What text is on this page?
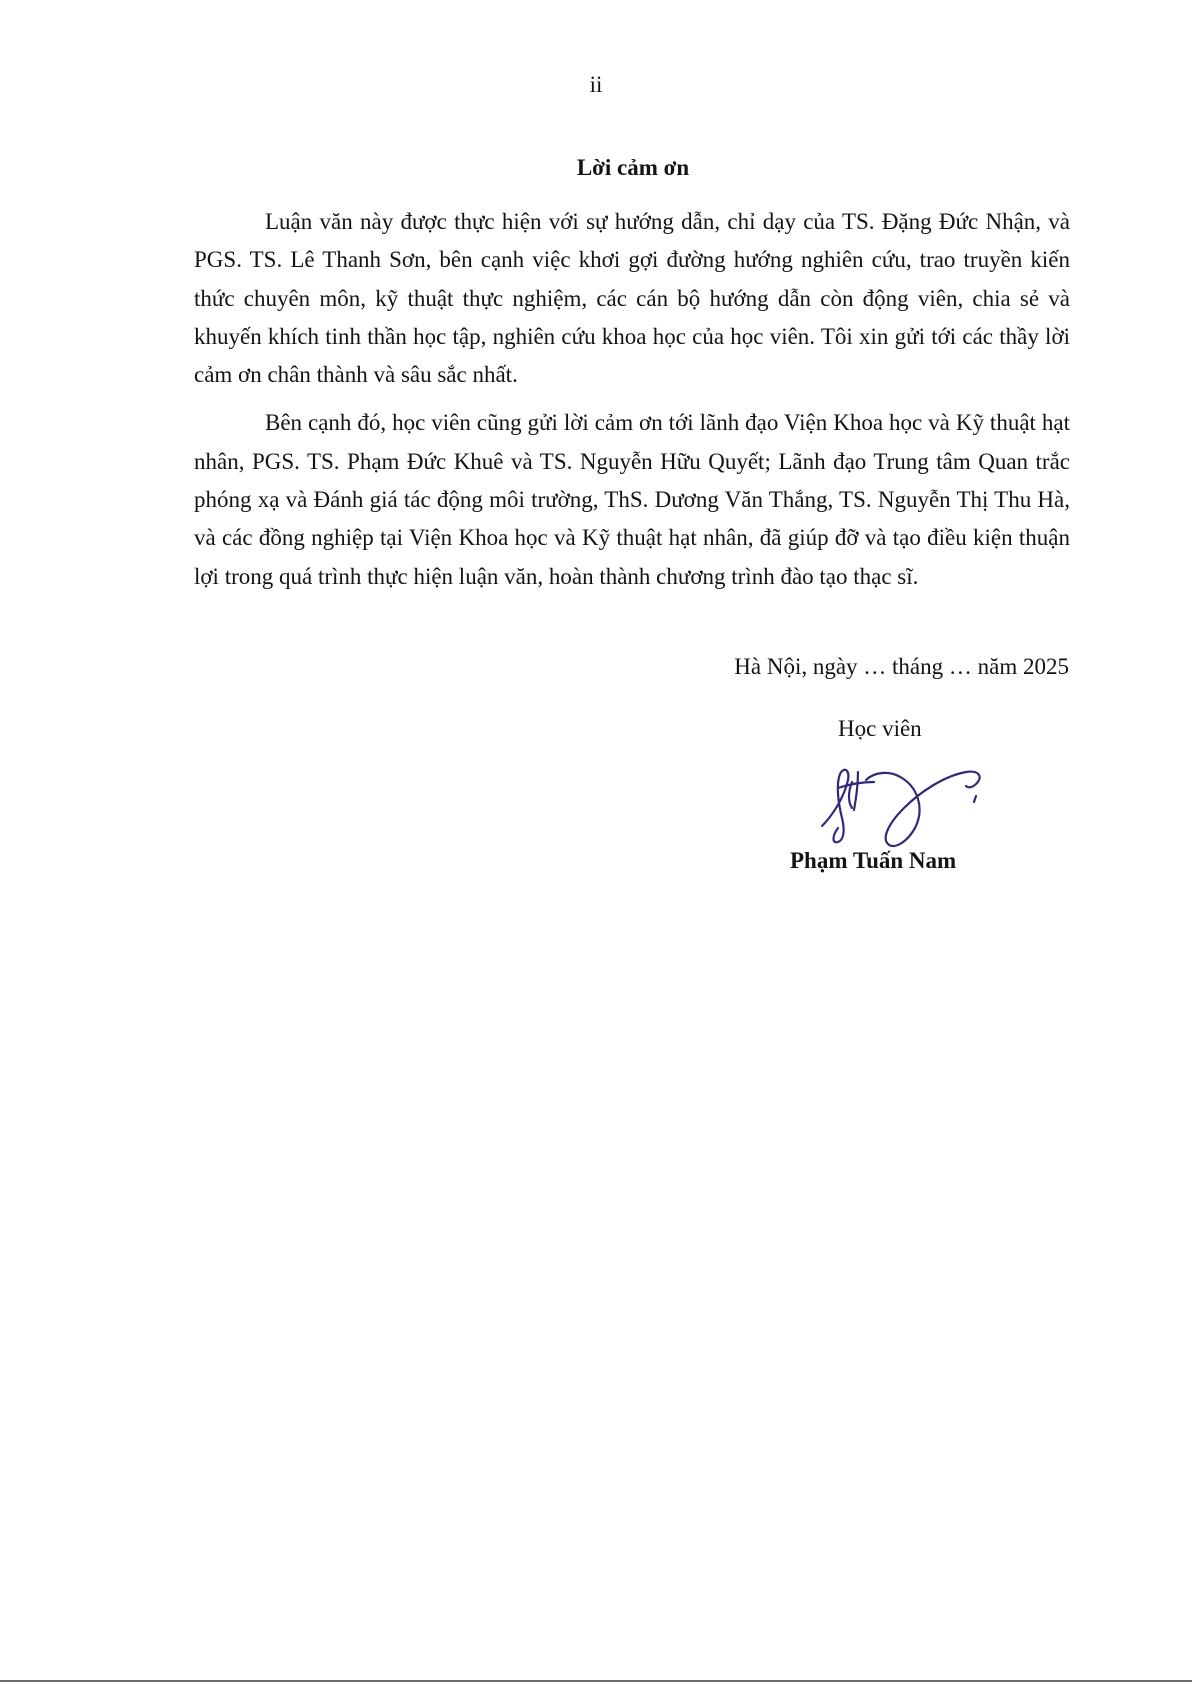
ii
Lời cảm ơn

Luận văn này được thực hiện với sự hướng dẫn, chỉ dạy của TS. Đặng Đức Nhận, và PGS. TS. Lê Thanh Sơn, bên cạnh việc khơi gợi đường hướng nghiên cứu, trao truyền kiến thức chuyên môn, kỹ thuật thực nghiệm, các cán bộ hướng dẫn còn động viên, chia sẻ và khuyến khích tinh thần học tập, nghiên cứu khoa học của học viên. Tôi xin gửi tới các thầy lời cảm ơn chân thành và sâu sắc nhất.

Bên cạnh đó, học viên cũng gửi lời cảm ơn tới lãnh đạo Viện Khoa học và Kỹ thuật hạt nhân, PGS. TS. Phạm Đức Khuê và TS. Nguyễn Hữu Quyết; Lãnh đạo Trung tâm Quan trắc phóng xạ và Đánh giá tác động môi trường, ThS. Dương Văn Thắng, TS. Nguyễn Thị Thu Hà, và các đồng nghiệp tại Viện Khoa học và Kỹ thuật hạt nhân, đã giúp đỡ và tạo điều kiện thuận lợi trong quá trình thực hiện luận văn, hoàn thành chương trình đào tạo thạc sĩ.

Hà Nội, ngày … tháng … năm 2025
Học viên
Phạm Tuấn Nam
